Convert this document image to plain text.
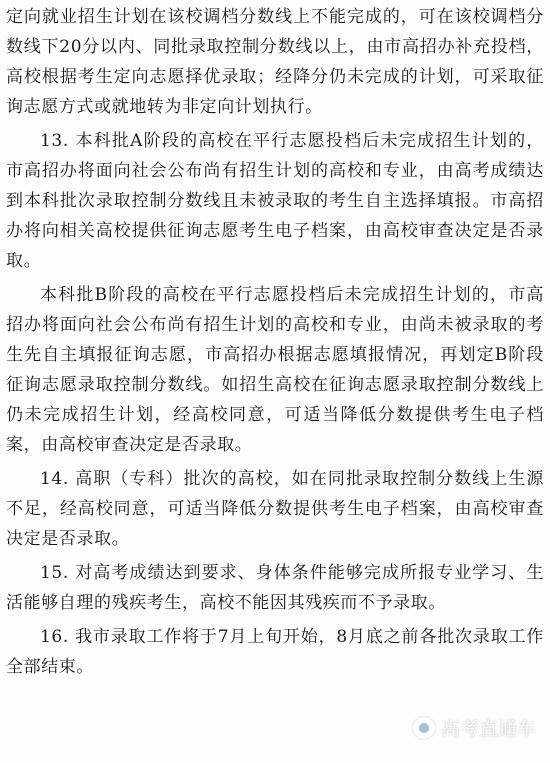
定向就业招生计划在该校调档分数线上不能完成的，可在该校调档分数线下20分以内、同批录取控制分数线以上，由市高招办补充投档，高校根据考生定向志愿择优录取；经降分仍未完成的计划，可采取征询志愿方式或就地转为非定向计划执行。

13. 本科批A阶段的高校在平行志愿投档后未完成招生计划的，市高招办将面向社会公布尚有招生计划的高校和专业，由高考成绩达到本科批次录取控制分数线且未被录取的考生自主选择填报。市高招办将向相关高校提供征询志愿考生电子档案，由高校审查决定是否录取。

本科批B阶段的高校在平行志愿投档后未完成招生计划的，市高招办将面向社会公布尚有招生计划的高校和专业，由尚未被录取的考生先自主填报征询志愿，市高招办根据志愿填报情况，再划定B阶段征询志愿录取控制分数线。如招生高校在征询志愿录取控制分数线上仍未完成招生计划，经高校同意，可适当降低分数提供考生电子档案，由高校审查决定是否录取。

14. 高职（专科）批次的高校，如在同批录取控制分数线上生源不足，经高校同意，可适当降低分数提供考生电子档案，由高校审查决定是否录取。

15. 对高考成绩达到要求、身体条件能够完成所报专业学习、生活能够自理的残疾考生，高校不能因其残疾而不予录取。

16. 我市录取工作将于7月上旬开始，8月底之前各批次录取工作全部结束。

高考直通车
